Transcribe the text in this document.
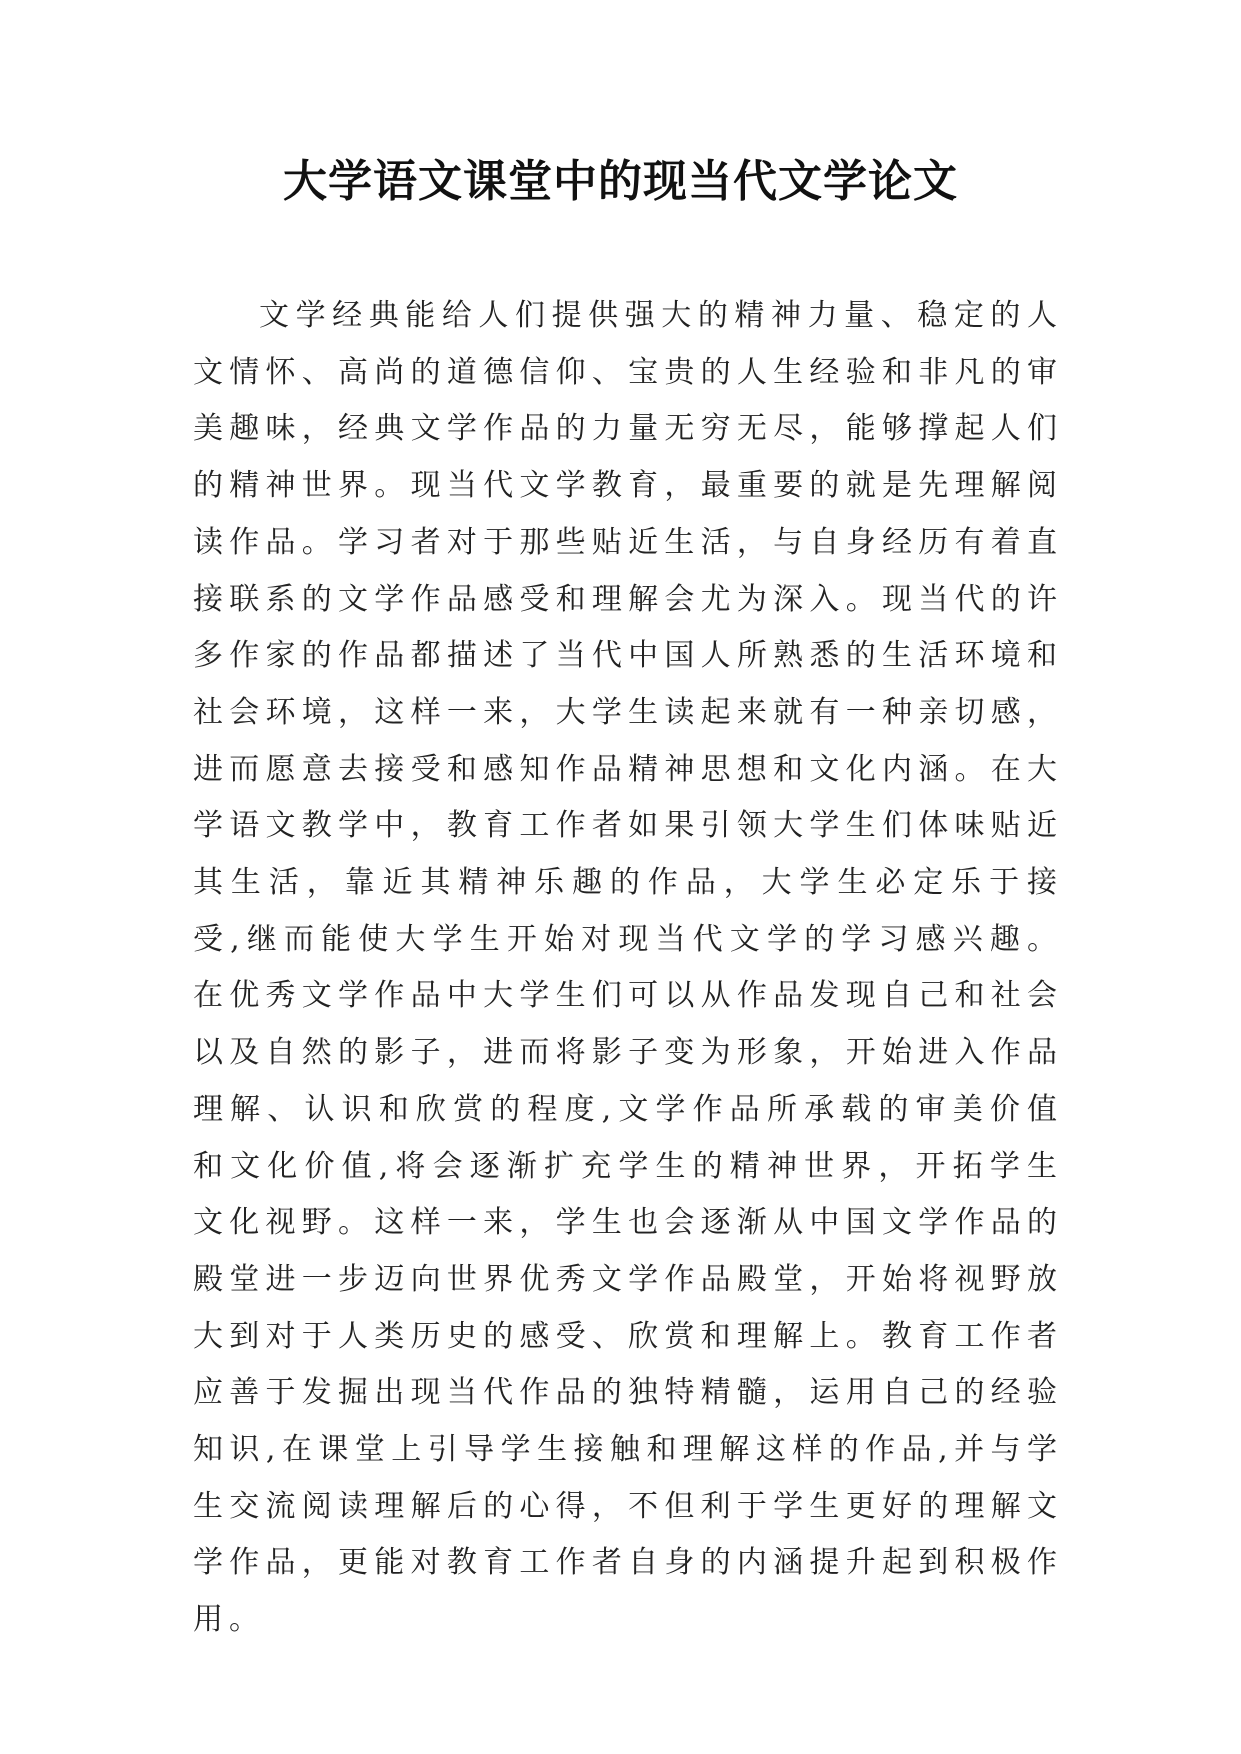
大学语文课堂中的现当代文学论文

文学经典能给人们提供强大的精神力量、稳定的人文情怀、高尚的道德信仰、宝贵的人生经验和非凡的审美趣味，经典文学作品的力量无穷无尽，能够撑起人们的精神世界。现当代文学教育，最重要的就是先理解阅读作品。学习者对于那些贴近生活，与自身经历有着直接联系的文学作品感受和理解会尤为深入。现当代的许多作家的作品都描述了当代中国人所熟悉的生活环境和社会环境，这样一来，大学生读起来就有一种亲切感，进而愿意去接受和感知作品精神思想和文化内涵。在大学语文教学中，教育工作者如果引领大学生们体味贴近其生活，靠近其精神乐趣的作品，大学生必定乐于接受,继而能使大学生开始对现当代文学的学习感兴趣。在优秀文学作品中大学生们可以从作品发现自己和社会以及自然的影子，进而将影子变为形象，开始进入作品理解、认识和欣赏的程度,文学作品所承载的审美价值和文化价值,将会逐渐扩充学生的精神世界，开拓学生文化视野。这样一来，学生也会逐渐从中国文学作品的殿堂进一步迈向世界优秀文学作品殿堂，开始将视野放大到对于人类历史的感受、欣赏和理解上。教育工作者应善于发掘出现当代作品的独特精髓，运用自己的经验知识,在课堂上引导学生接触和理解这样的作品,并与学生交流阅读理解后的心得，不但利于学生更好的理解文学作品，更能对教育工作者自身的内涵提升起到积极作用。
